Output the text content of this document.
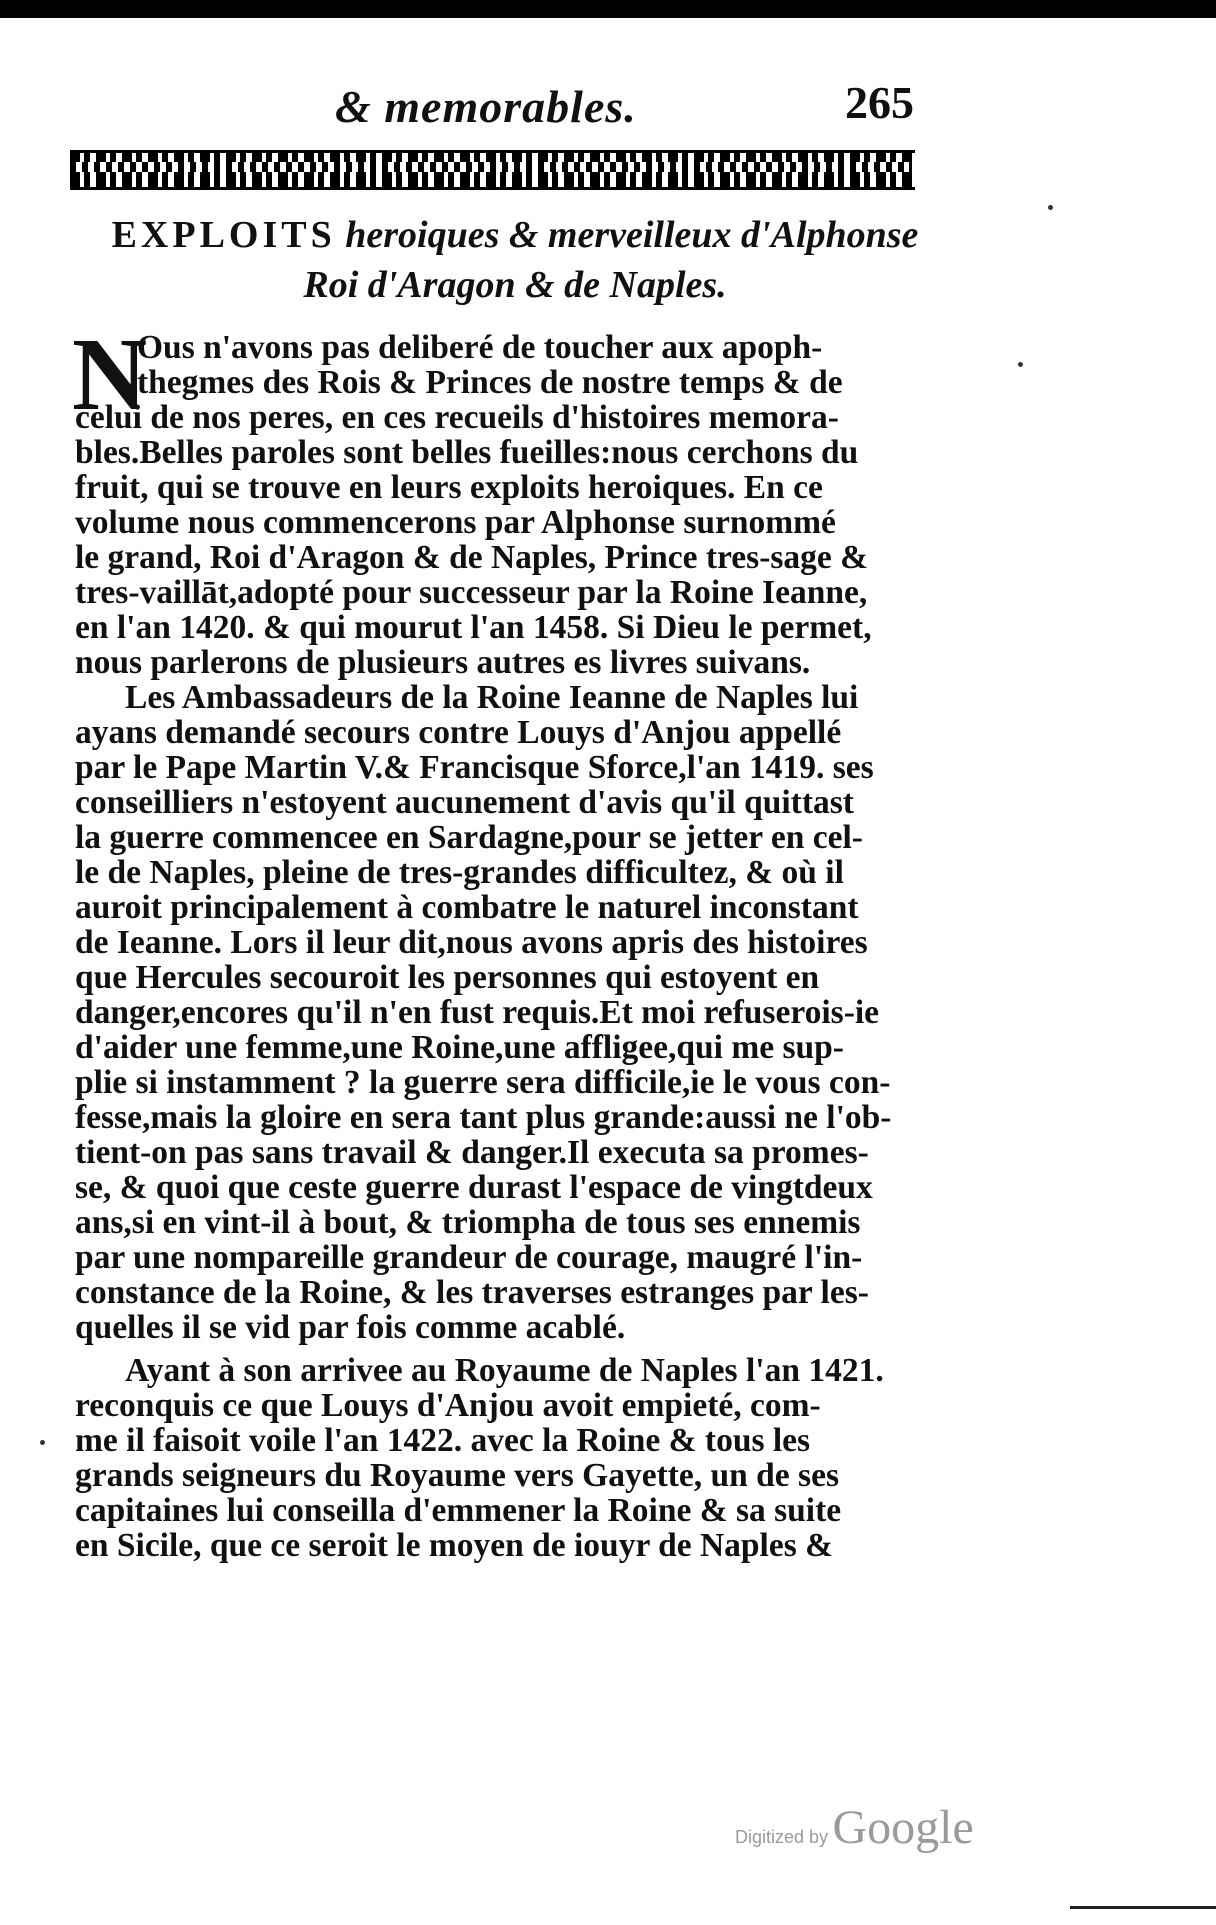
& memorables.	265
EXPLOITS heroiques & merveilleux d'Alphonse
Roi d'Aragon & de Naples.
N
Ous n'avons pas deliberé de toucher aux apoph-
thegmes des Rois & Princes de nostre temps & de
celui de nos peres, en ces recueils d'histoires memora-
bles.Belles paroles sont belles fueilles:nous cerchons du
fruit, qui se trouve en leurs exploits heroiques. En ce
volume nous commencerons par Alphonse surnommé
le grand, Roi d'Aragon & de Naples, Prince tres-sage &
tres-vaillāt,adopté pour successeur par la Roine Ieanne,
en l'an 1420. & qui mourut l'an 1458. Si Dieu le permet,
nous parlerons de plusieurs autres es livres suivans.
Les Ambassadeurs de la Roine Ieanne de Naples lui
ayans demandé secours contre Louys d'Anjou appellé
par le Pape Martin V.& Francisque Sforce,l'an 1419. ses
conseilliers n'estoyent aucunement d'avis qu'il quittast
la guerre commencee en Sardagne,pour se jetter en cel-
le de Naples, pleine de tres-grandes difficultez, & où il
auroit principalement à combatre le naturel inconstant
de Ieanne. Lors il leur dit,nous avons apris des histoires
que Hercules secouroit les personnes qui estoyent en
danger,encores qu'il n'en fust requis.Et moi refuserois-ie
d'aider une femme,une Roine,une affligee,qui me sup-
plie si instamment ? la guerre sera difficile,ie le vous con-
fesse,mais la gloire en sera tant plus grande:aussi ne l'ob-
tient-on pas sans travail & danger.Il executa sa promes-
se, & quoi que ceste guerre durast l'espace de vingtdeux
ans,si en vint-il à bout, & triompha de tous ses ennemis
par une nompareille grandeur de courage, maugré l'in-
constance de la Roine, & les traverses estranges par les-
quelles il se vid par fois comme acablé.
Ayant à son arrivee au Royaume de Naples l'an 1421.
reconquis ce que Louys d'Anjou avoit empieté, com-
me il faisoit voile l'an 1422. avec la Roine & tous les
grands seigneurs du Royaume vers Gayette, un de ses
capitaines lui conseilla d'emmener la Roine & sa suite
en Sicile, que ce seroit le moyen de iouyr de Naples &
Digitized by Google
